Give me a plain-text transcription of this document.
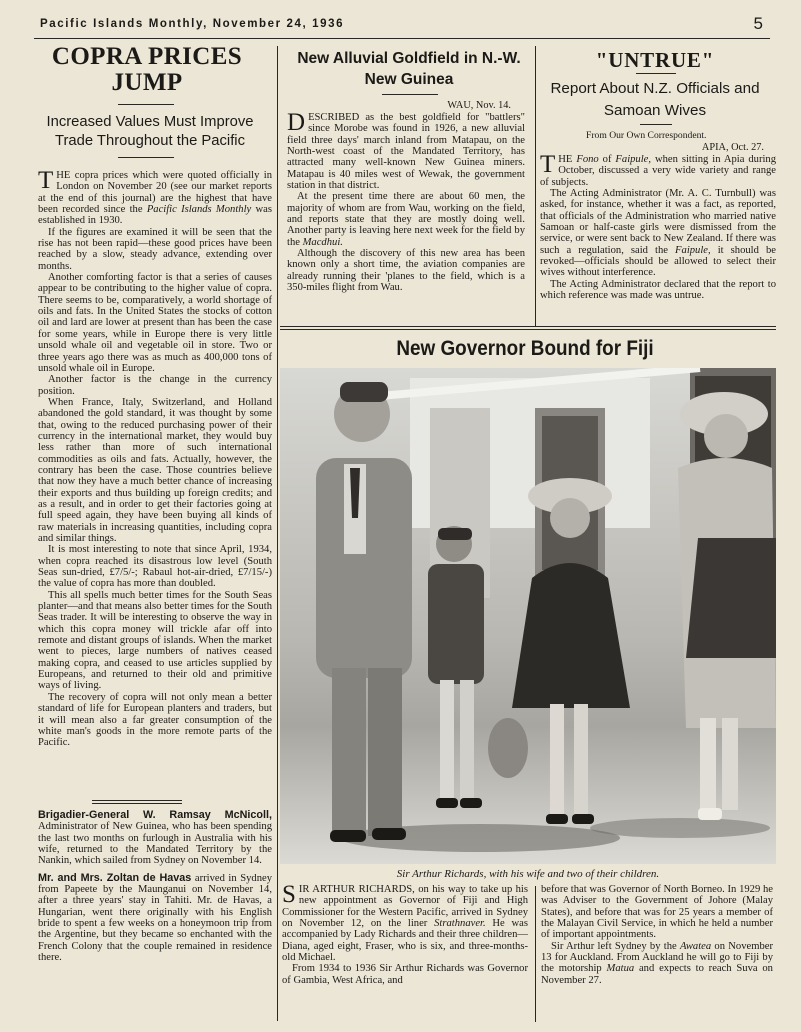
Pacific Islands Monthly, November 24, 1936	5
COPRA PRICES JUMP
Increased Values Must Improve Trade Throughout the Pacific

THE copra prices which were quoted officially in London on November 20 (see our market reports at the end of this journal) are the highest that have been recorded since the Pacific Islands Monthly was established in 1930.

If the figures are examined it will be seen that the rise has not been rapid—these good prices have been reached by a slow, steady advance, extending over months.

Another comforting factor is that a series of causes appear to be contributing to the higher value of copra. There seems to be, comparatively, a world shortage of oils and fats. In the United States the stocks of cotton oil and lard are lower at present than has been the case for some years, while in Europe there is very little unsold whale oil and vegetable oil in store. Two or three years ago there was as much as 400,000 tons of unsold whale oil in Europe.

Another factor is the change in the currency position.

When France, Italy, Switzerland, and Holland abandoned the gold standard, it was thought by some that, owing to the reduced purchasing power of their currency in the international market, they would buy less rather than more of such international commodities as oils and fats. Actually, however, the contrary has been the case. Those countries believe that now they have a much better chance of increasing their exports and thus building up foreign credits; and as a result, and in order to get their factories going at full speed again, they have been buying all kinds of raw materials in increasing quantities, including copra and similar things.

It is most interesting to note that since April, 1934, when copra reached its disastrous low level (South Seas sun-dried, £7/5/-; Rabaul hot-air-dried, £7/15/-) the value of copra has more than doubled.

This all spells much better times for the South Seas planter—and that means also better times for the South Seas trader. It will be interesting to observe the way in which this copra money will trickle afar off into remote and distant groups of islands. When the market went to pieces, large numbers of natives ceased making copra, and ceased to use articles supplied by Europeans, and returned to their old and primitive ways of living.

The recovery of copra will not only mean a better standard of life for European planters and traders, but it will mean also a far greater consumption of the white man's goods in the more remote parts of the Pacific.

Brigadier-General W. Ramsay McNicoll, Administrator of New Guinea, who has been spending the last two months on furlough in Australia with his wife, returned to the Mandated Territory by the Nankin, which sailed from Sydney on November 14.

Mr. and Mrs. Zoltan de Havas arrived in Sydney from Papeete by the Maunganui on November 14, after a three years' stay in Tahiti. Mr. de Havas, a Hungarian, went there originally with his English bride to spent a few weeks on a honeymoon trip from the Argentine, but they became so enchanted with the French Colony that the couple remained in residence there.

New Alluvial Goldfield in N.-W. New Guinea
WAU, Nov. 14.

DESCRIBED as the best goldfield for "battlers" since Morobe was found in 1926, a new alluvial field three days' march inland from Matapau, on the North-west coast of the Mandated Territory, has attracted many well-known New Guinea miners. Matapau is 40 miles west of Wewak, the government station in that district.

At the present time there are about 60 men, the majority of whom are from Wau, working on the field, and reports state that they are mostly doing well. Another party is leaving here next week for the field by the Macdhui.

Although the discovery of this new area has been known only a short time, the aviation companies are already running their 'planes to the field, which is a 350-miles flight from Wau.

"UNTRUE"
Report About N.Z. Officials and Samoan Wives
From Our Own Correspondent.
APIA, Oct. 27.

THE Fono of Faipule, when sitting in Apia during October, discussed a very wide variety and range of subjects.

The Acting Administrator (Mr. A. C. Turnbull) was asked, for instance, whether it was a fact, as reported, that officials of the Administration who married native Samoan or half-caste girls were dismissed from the service, or were sent back to New Zealand. If there was such a regulation, said the Faipule, it should be revoked—officials should be allowed to select their wives without interference.

The Acting Administrator declared that the report to which reference was made was untrue.

New Governor Bound for Fiji
Sir Arthur Richards, with his wife and two of their children.

SIR ARTHUR RICHARDS, on his way to take up his new appointment as Governor of Fiji and High Commissioner for the Western Pacific, arrived in Sydney on November 12, on the liner Strathnaver. He was accompanied by Lady Richards and their three children—Diana, aged eight, Fraser, who is six, and three-months-old Michael.

From 1934 to 1936 Sir Arthur Richards was Governor of Gambia, West Africa, and

before that was Governor of North Borneo. In 1929 he was Adviser to the Government of Johore (Malay States), and before that was for 25 years a member of the Malayan Civil Service, in which he held a number of important appointments.

Sir Arthur left Sydney by the Awatea on November 13 for Auckland. From Auckland he will go to Fiji by the motorship Matua and expects to reach Suva on November 27.
